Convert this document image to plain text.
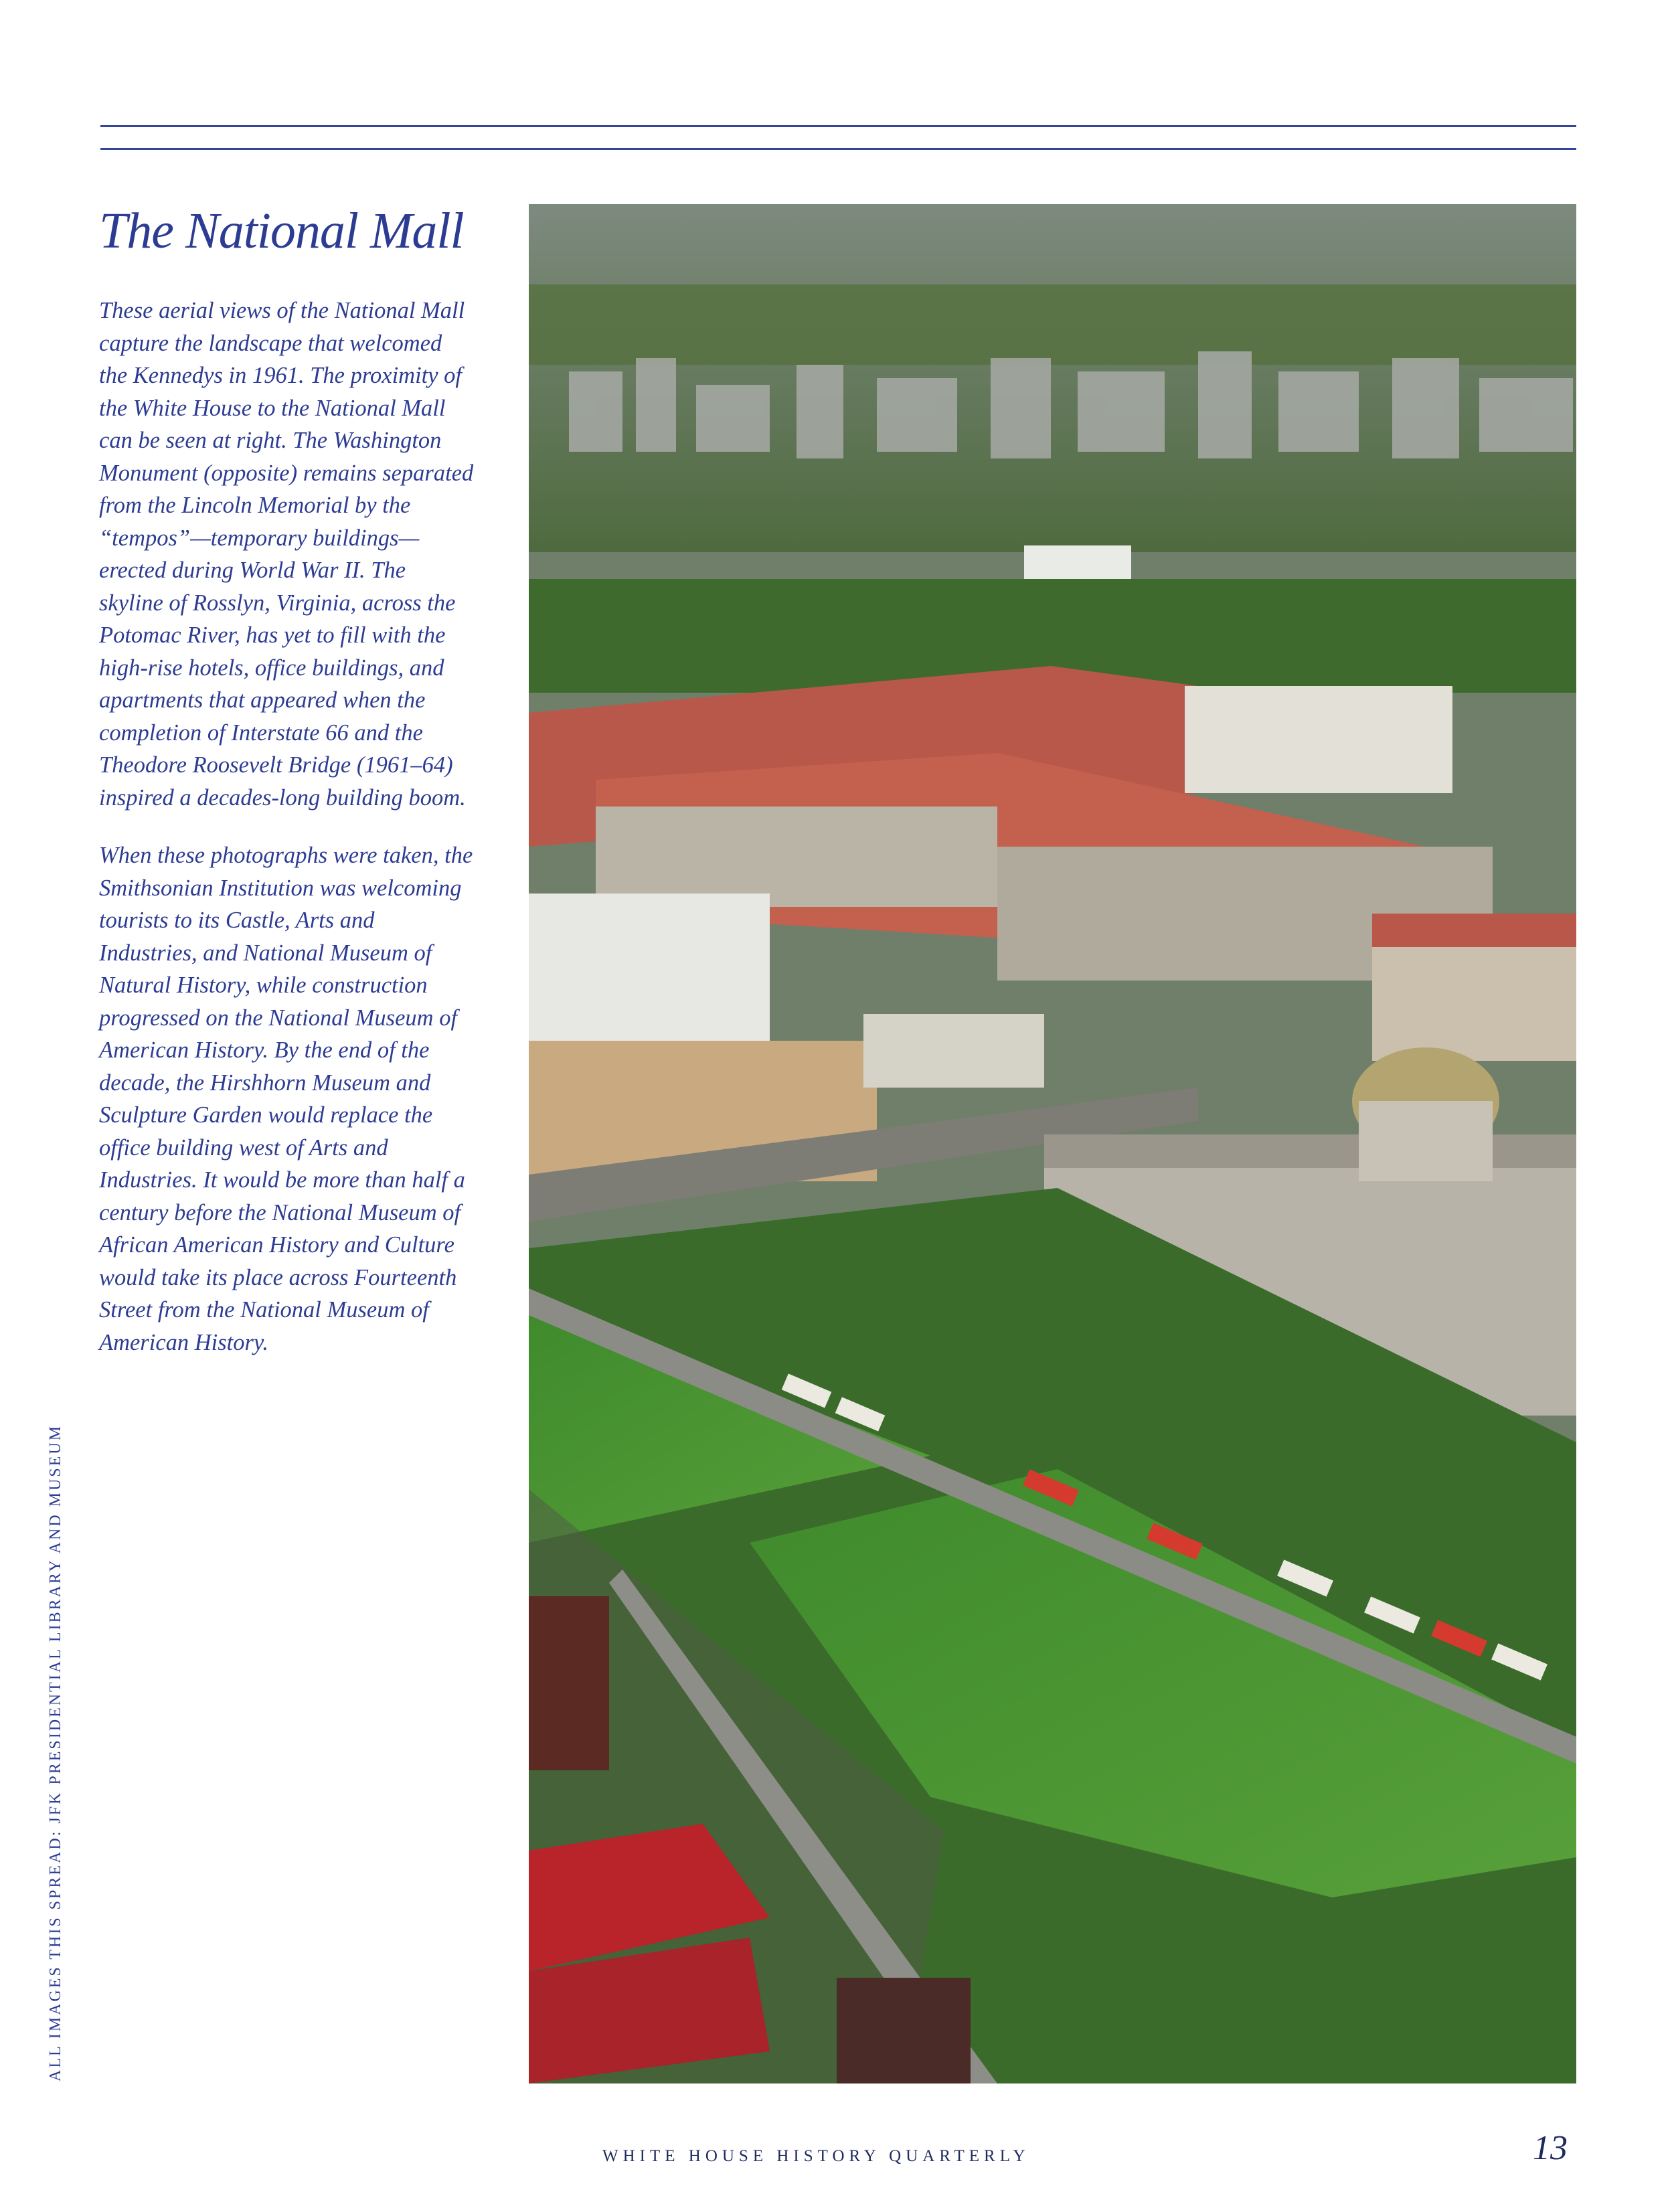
The National Mall

These aerial views of the National Mall capture the landscape that welcomed the Kennedys in 1961. The proximity of the White House to the National Mall can be seen at right. The Washington Monument (opposite) remains separated from the Lincoln Memorial by the “tempos”—temporary buildings—erected during World War II. The skyline of Rosslyn, Virginia, across the Potomac River, has yet to fill with the high-rise hotels, office buildings, and apartments that appeared when the completion of Interstate 66 and the Theodore Roosevelt Bridge (1961–64) inspired a decades-long building boom.

When these photographs were taken, the Smithsonian Institution was welcoming tourists to its Castle, Arts and Industries, and National Museum of Natural History, while construction progressed on the National Museum of American History. By the end of the decade, the Hirshhorn Museum and Sculpture Garden would replace the office building west of Arts and Industries. It would be more than half a century before the National Museum of African American History and Culture would take its place across Fourteenth Street from the National Museum of American History.

ALL IMAGES THIS SPREAD: JFK PRESIDENTIAL LIBRARY AND MUSEUM
WHITE HOUSE HISTORY QUARTERLY	13
